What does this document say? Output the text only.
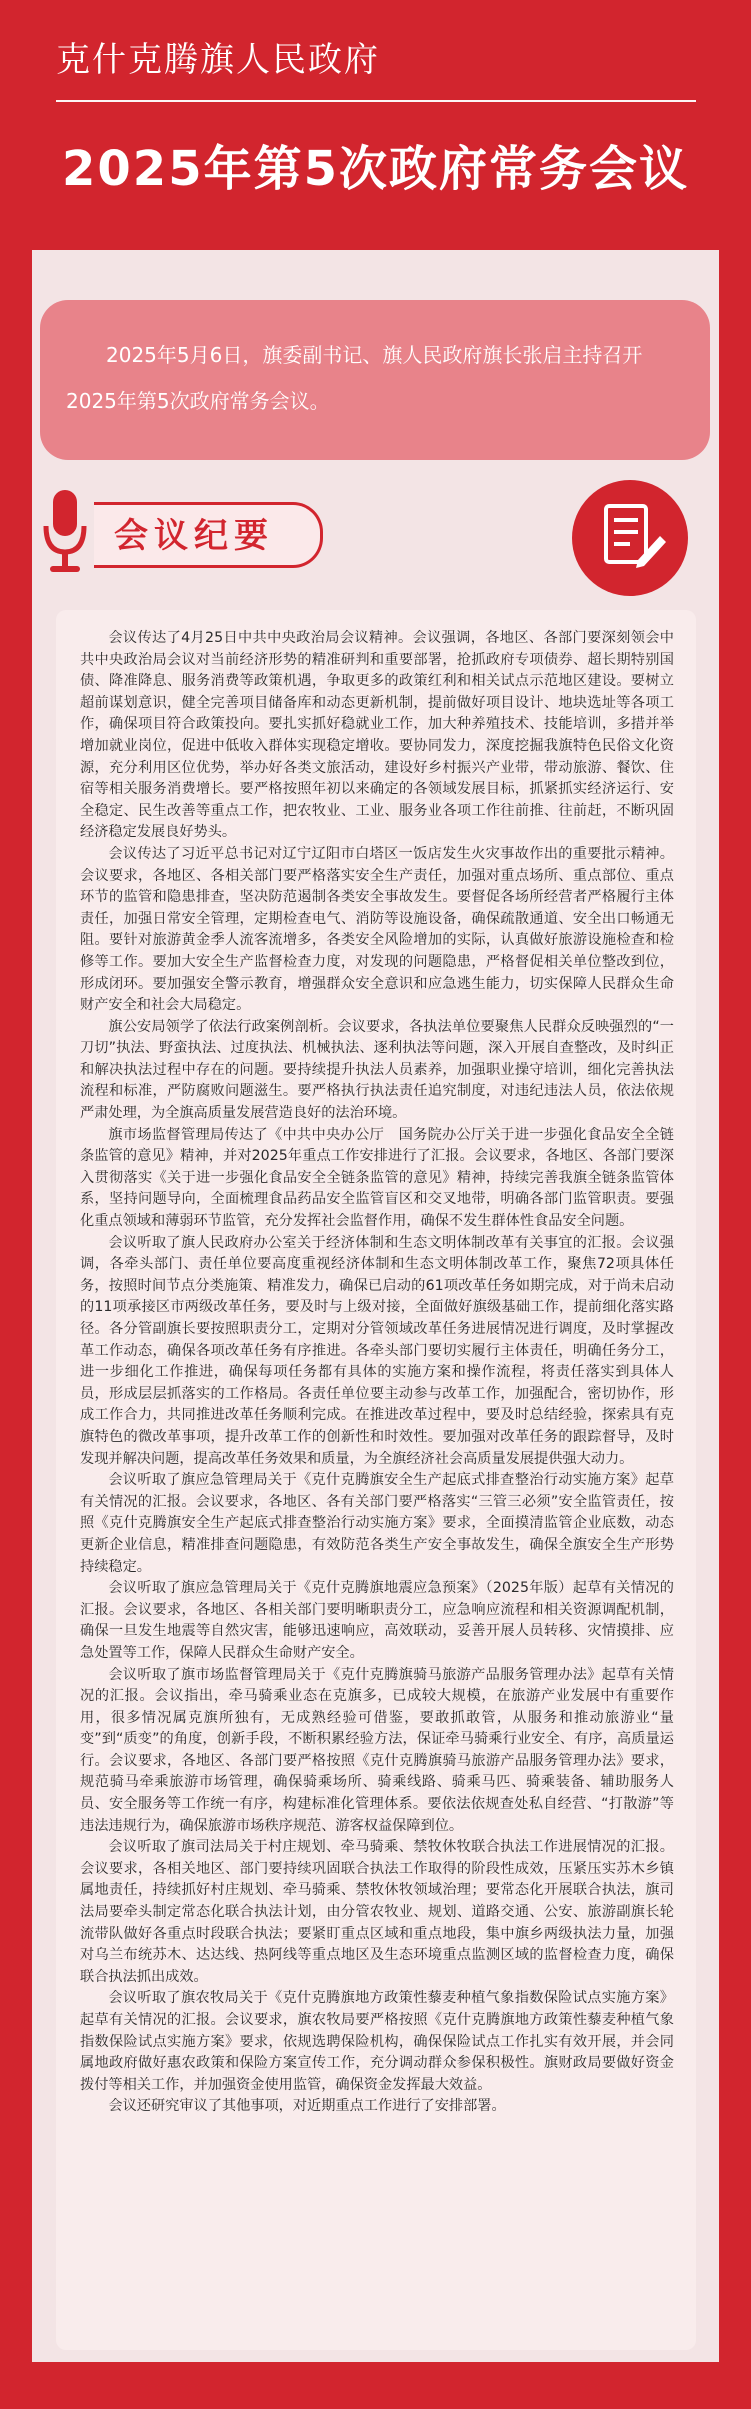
克什克腾旗人民政府
2025年第5次政府常务会议
2025年5月6日，旗委副书记、旗人民政府旗长张启主持召开2025年第5次政府常务会议。
会议纪要

会议传达了4月25日中共中央政治局会议精神。会议强调，各地区、各部门要深刻领会中共中央政治局会议对当前经济形势的精准研判和重要部署，抢抓政府专项债券、超长期特别国债、降准降息、服务消费等政策机遇，争取更多的政策红利和相关试点示范地区建设。要树立超前谋划意识，健全完善项目储备库和动态更新机制，提前做好项目设计、地块选址等各项工作，确保项目符合政策投向。要扎实抓好稳就业工作，加大种养殖技术、技能培训，多措并举增加就业岗位，促进中低收入群体实现稳定增收。要协同发力，深度挖掘我旗特色民俗文化资源，充分利用区位优势，举办好各类文旅活动，建设好乡村振兴产业带，带动旅游、餐饮、住宿等相关服务消费增长。要严格按照年初以来确定的各领域发展目标，抓紧抓实经济运行、安全稳定、民生改善等重点工作，把农牧业、工业、服务业各项工作往前推、往前赶，不断巩固经济稳定发展良好势头。

会议传达了习近平总书记对辽宁辽阳市白塔区一饭店发生火灾事故作出的重要批示精神。会议要求，各地区、各相关部门要严格落实安全生产责任，加强对重点场所、重点部位、重点环节的监管和隐患排查，坚决防范遏制各类安全事故发生。要督促各场所经营者严格履行主体责任，加强日常安全管理，定期检查电气、消防等设施设备，确保疏散通道、安全出口畅通无阻。要针对旅游黄金季人流客流增多，各类安全风险增加的实际，认真做好旅游设施检查和检修等工作。要加大安全生产监督检查力度，对发现的问题隐患，严格督促相关单位整改到位，形成闭环。要加强安全警示教育，增强群众安全意识和应急逃生能力，切实保障人民群众生命财产安全和社会大局稳定。

旗公安局领学了依法行政案例剖析。会议要求，各执法单位要聚焦人民群众反映强烈的“一刀切”执法、野蛮执法、过度执法、机械执法、逐利执法等问题，深入开展自查整改，及时纠正和解决执法过程中存在的问题。要持续提升执法人员素养，加强职业操守培训，细化完善执法流程和标准，严防腐败问题滋生。要严格执行执法责任追究制度，对违纪违法人员，依法依规严肃处理，为全旗高质量发展营造良好的法治环境。

旗市场监督管理局传达了《中共中央办公厅　国务院办公厅关于进一步强化食品安全全链条监管的意见》精神，并对2025年重点工作安排进行了汇报。会议要求，各地区、各部门要深入贯彻落实《关于进一步强化食品安全全链条监管的意见》精神，持续完善我旗全链条监管体系，坚持问题导向，全面梳理食品药品安全监管盲区和交叉地带，明确各部门监管职责。要强化重点领域和薄弱环节监管，充分发挥社会监督作用，确保不发生群体性食品安全问题。

会议听取了旗人民政府办公室关于经济体制和生态文明体制改革有关事宜的汇报。会议强调，各牵头部门、责任单位要高度重视经济体制和生态文明体制改革工作，聚焦72项具体任务，按照时间节点分类施策、精准发力，确保已启动的61项改革任务如期完成，对于尚未启动的11项承接区市两级改革任务，要及时与上级对接，全面做好旗级基础工作，提前细化落实路径。各分管副旗长要按照职责分工，定期对分管领域改革任务进展情况进行调度，及时掌握改革工作动态，确保各项改革任务有序推进。各牵头部门要切实履行主体责任，明确任务分工，进一步细化工作推进，确保每项任务都有具体的实施方案和操作流程，将责任落实到具体人员，形成层层抓落实的工作格局。各责任单位要主动参与改革工作，加强配合，密切协作，形成工作合力，共同推进改革任务顺利完成。在推进改革过程中，要及时总结经验，探索具有克旗特色的微改革事项，提升改革工作的创新性和时效性。要加强对改革任务的跟踪督导，及时发现并解决问题，提高改革任务效果和质量，为全旗经济社会高质量发展提供强大动力。

会议听取了旗应急管理局关于《克什克腾旗安全生产起底式排查整治行动实施方案》起草有关情况的汇报。会议要求，各地区、各有关部门要严格落实“三管三必须”安全监管责任，按照《克什克腾旗安全生产起底式排查整治行动实施方案》要求，全面摸清监管企业底数，动态更新企业信息，精准排查问题隐患，有效防范各类生产安全事故发生，确保全旗安全生产形势持续稳定。

会议听取了旗应急管理局关于《克什克腾旗地震应急预案》（2025年版）起草有关情况的汇报。会议要求，各地区、各相关部门要明晰职责分工，应急响应流程和相关资源调配机制，确保一旦发生地震等自然灾害，能够迅速响应，高效联动，妥善开展人员转移、灾情摸排、应急处置等工作，保障人民群众生命财产安全。

会议听取了旗市场监督管理局关于《克什克腾旗骑马旅游产品服务管理办法》起草有关情况的汇报。会议指出，牵马骑乘业态在克旗多，已成较大规模，在旅游产业发展中有重要作用，很多情况属克旗所独有，无成熟经验可借鉴，要敢抓敢管，从服务和推动旅游业“量变”到“质变”的角度，创新手段，不断积累经验方法，保证牵马骑乘行业安全、有序，高质量运行。会议要求，各地区、各部门要严格按照《克什克腾旗骑马旅游产品服务管理办法》要求，规范骑马牵乘旅游市场管理，确保骑乘场所、骑乘线路、骑乘马匹、骑乘装备、辅助服务人员、安全服务等工作统一有序，构建标准化管理体系。要依法依规查处私自经营、“打散游”等违法违规行为，确保旅游市场秩序规范、游客权益保障到位。

会议听取了旗司法局关于村庄规划、牵马骑乘、禁牧休牧联合执法工作进展情况的汇报。会议要求，各相关地区、部门要持续巩固联合执法工作取得的阶段性成效，压紧压实苏木乡镇属地责任，持续抓好村庄规划、牵马骑乘、禁牧休牧领域治理；要常态化开展联合执法，旗司法局要牵头制定常态化联合执法计划，由分管农牧业、规划、道路交通、公安、旅游副旗长轮流带队做好各重点时段联合执法；要紧盯重点区域和重点地段，集中旗乡两级执法力量，加强对乌兰布统苏木、达达线、热阿线等重点地区及生态环境重点监测区域的监督检查力度，确保联合执法抓出成效。

会议听取了旗农牧局关于《克什克腾旗地方政策性藜麦种植气象指数保险试点实施方案》起草有关情况的汇报。会议要求，旗农牧局要严格按照《克什克腾旗地方政策性藜麦种植气象指数保险试点实施方案》要求，依规选聘保险机构，确保保险试点工作扎实有效开展，并会同属地政府做好惠农政策和保险方案宣传工作，充分调动群众参保积极性。旗财政局要做好资金拨付等相关工作，并加强资金使用监管，确保资金发挥最大效益。

会议还研究审议了其他事项，对近期重点工作进行了安排部署。
